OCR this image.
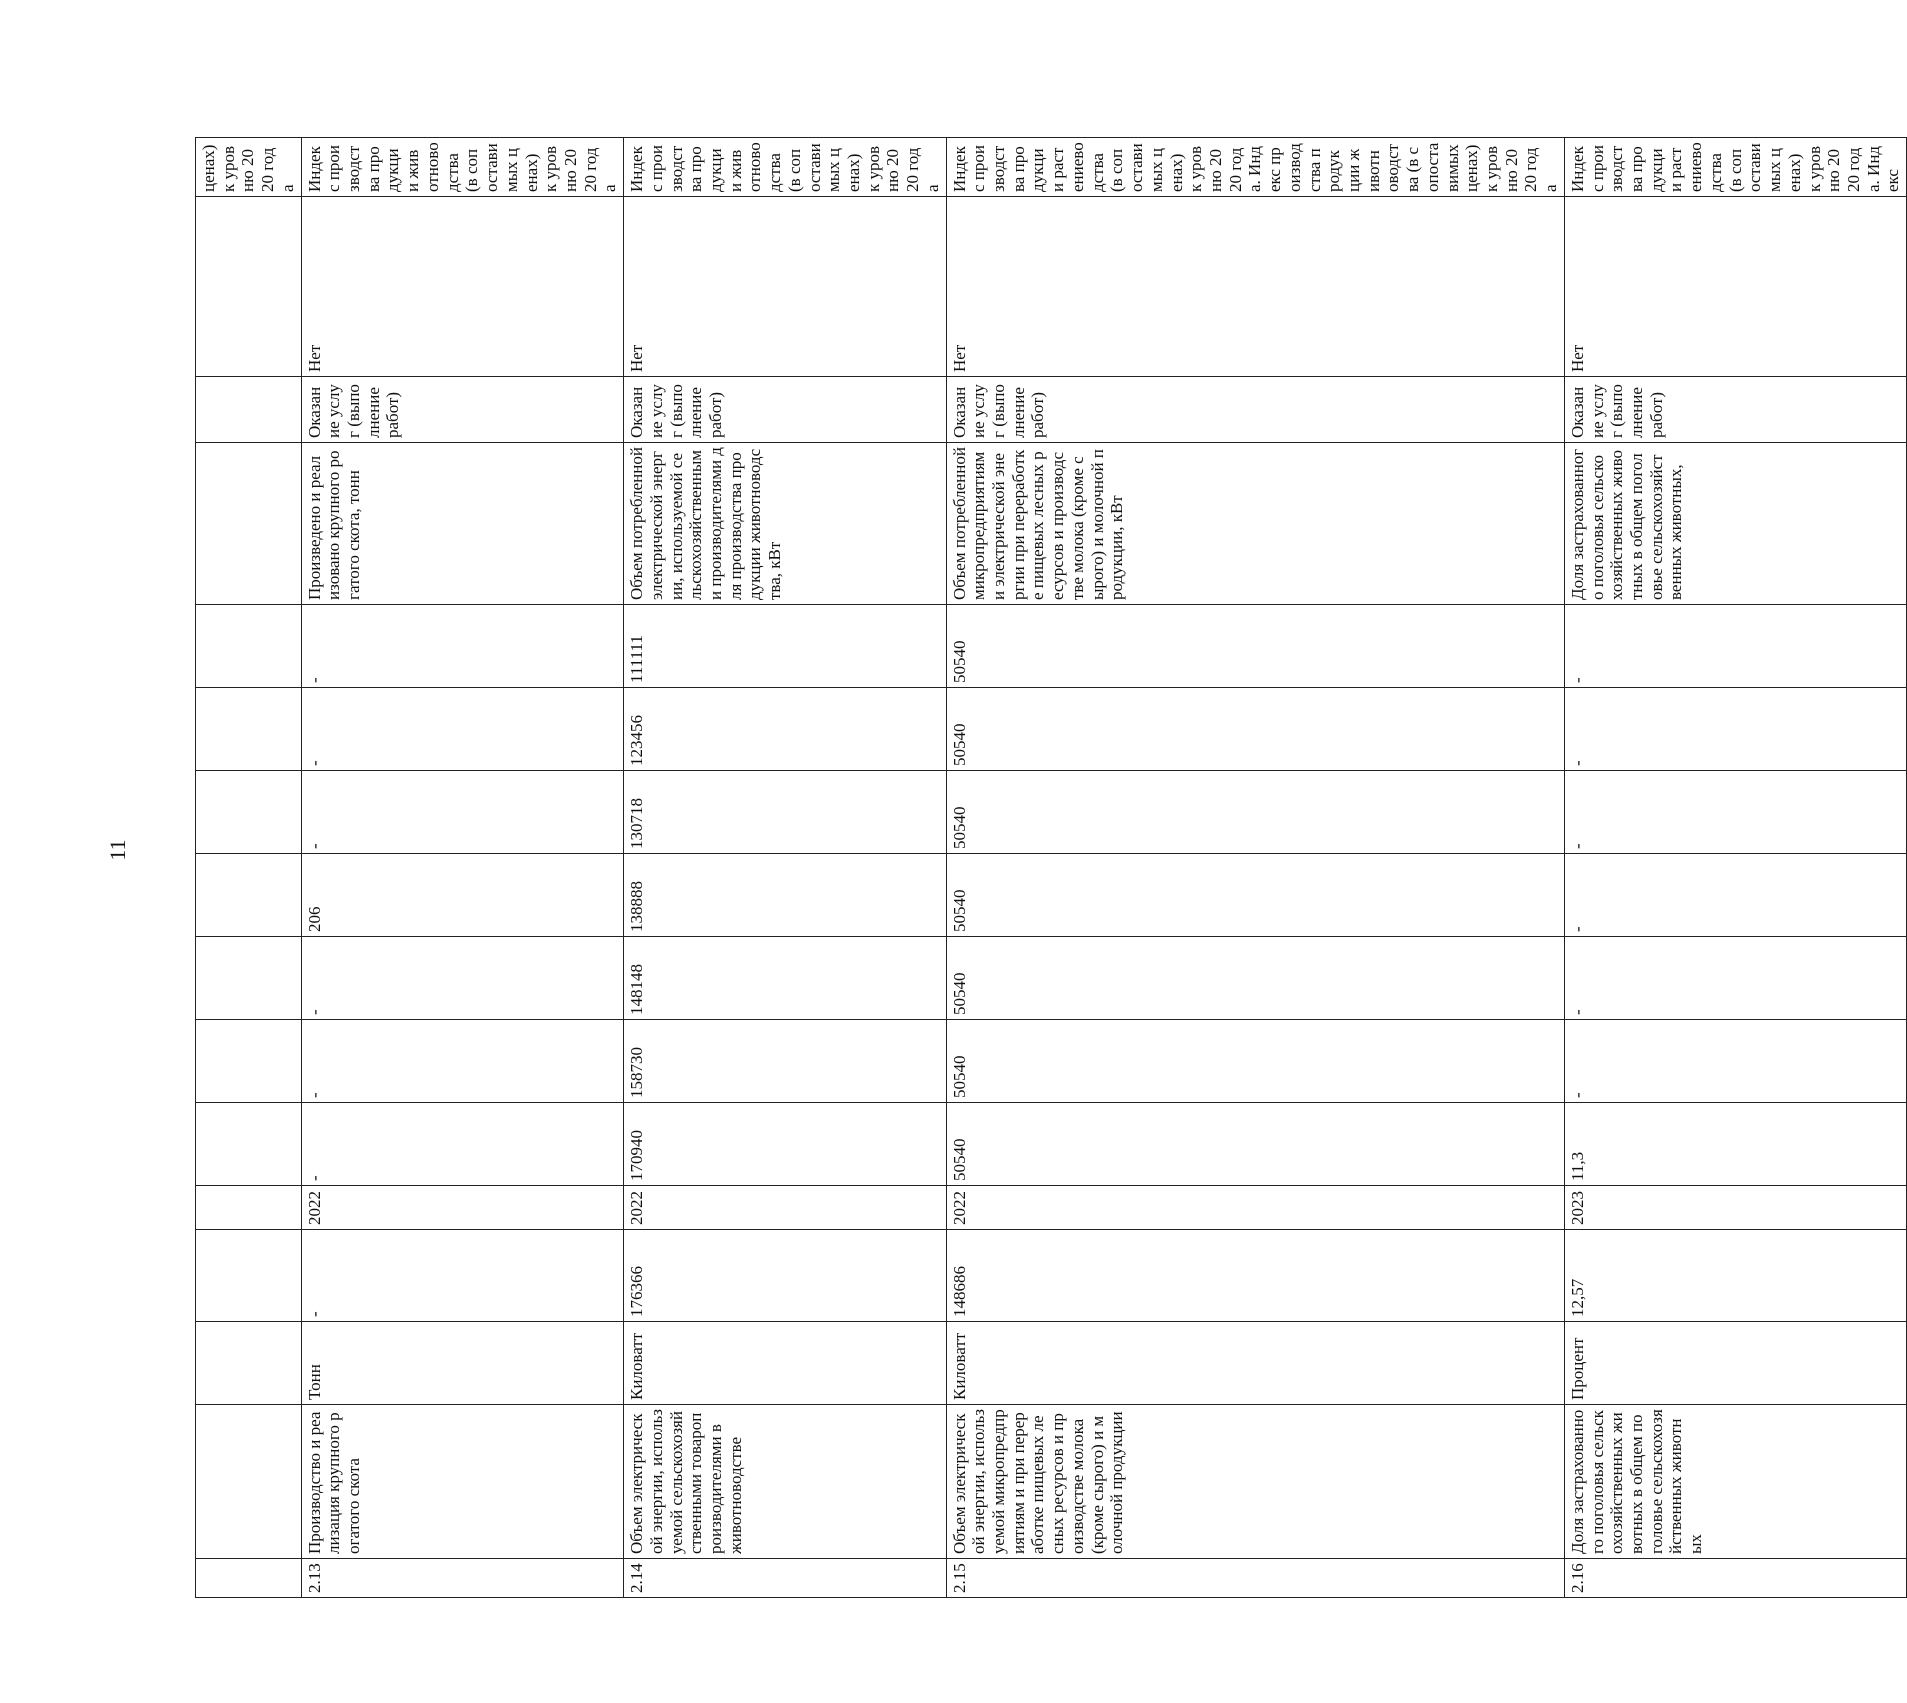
11
															ценах) к уровню 2020 года
2.13	Производство и реализация крупного рогатого скота	Тонн	-	2022	-	-	-	206	-	-	-	Произведено и реализовано крупного рогатого скота, тонн	Оказание услуг (выполнение работ)	Нет	Индекс производства продукции животноводства (в сопоставимых ценах) к уровню 2020 года
2.14	Объем электрической энергии, используемой сельскохозяйственными товаропроизводителями в животноводстве	Киловатт	176366	2022	170940	158730	148148	138888	130718	123456	111111	Объем потребленной электрической энергии, используемой сельскохозяйственными производителями для производства продукции животноводства, кВт	Оказание услуг (выполнение работ)	Нет	Индекс производства продукции животноводства (в сопоставимых ценах) к уровню 2020 года
2.15	Объем электрической энергии, используемой микропредприятиям и при переработке пищевых лесных ресурсов и производстве молока (кроме сырого) и молочной продукции	Киловатт	148686	2022	50540	50540	50540	50540	50540	50540	50540	Объем потребленной микропредприятиями электрической энергии при переработке пищевых лесных ресурсов и производстве молока (кроме сырого) и молочной продукции, кВт	Оказание услуг (выполнение работ)	Нет	Индекс производства продукции растениеводства (в сопоставимых ценах) к уровню 2020 года. Индекс производства продукции животноводства (в сопоставимых ценах) к уровню 2020 года
2.16	Доля застрахованного поголовья сельскохозяйственных животных в общем поголовье сельскохозяйственных животных	Процент	12,57	2023	11,3	-	-	-	-	-	-	Доля застрахованного поголовья сельскохозяйственных животных в общем поголовье сельскохозяйственных животных,	Оказание услуг (выполнение работ)	Нет	Индекс производства продукции растениеводства (в сопоставимых ценах) к уровню 2020 года. Индекс
